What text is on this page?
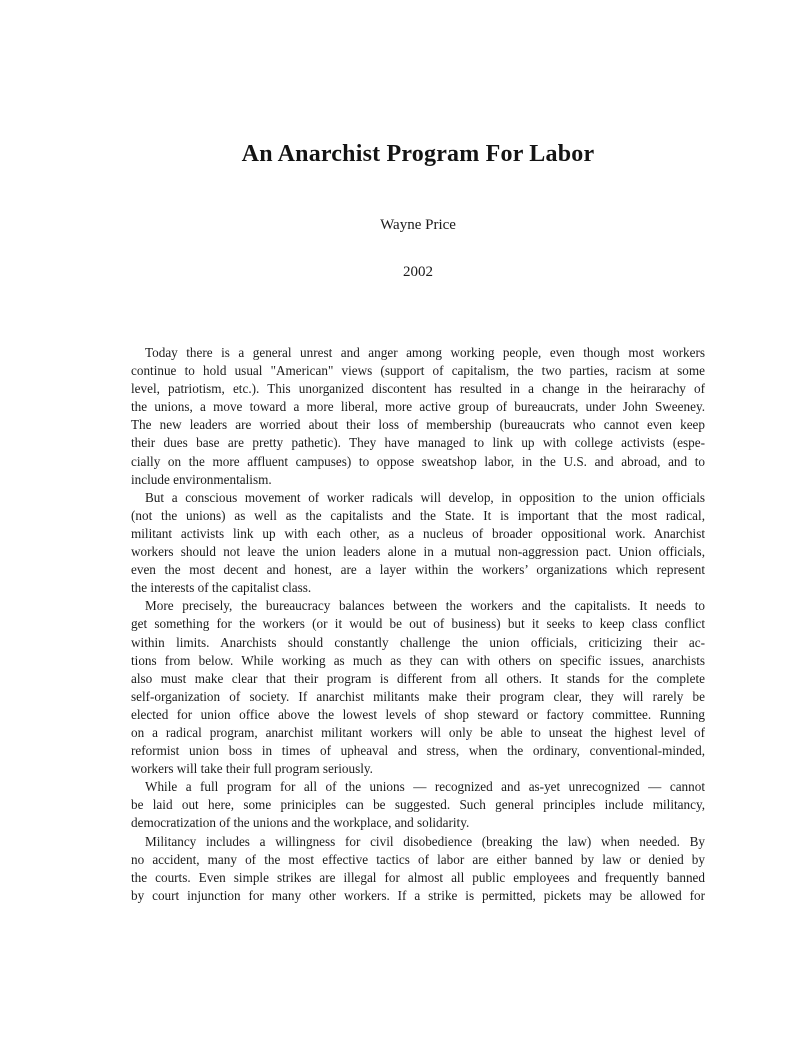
An Anarchist Program For Labor
Wayne Price
2002
Today there is a general unrest and anger among working people, even though most workers
continue to hold usual "American" views (support of capitalism, the two parties, racism at some
level, patriotism, etc.). This unorganized discontent has resulted in a change in the heirarachy of
the unions, a move toward a more liberal, more active group of bureaucrats, under John Sweeney.
The new leaders are worried about their loss of membership (bureaucrats who cannot even keep
their dues base are pretty pathetic). They have managed to link up with college activists (espe-
cially on the more affluent campuses) to oppose sweatshop labor, in the U.S. and abroad, and to
include environmentalism.
But a conscious movement of worker radicals will develop, in opposition to the union officials
(not the unions) as well as the capitalists and the State. It is important that the most radical,
militant activists link up with each other, as a nucleus of broader oppositional work. Anarchist
workers should not leave the union leaders alone in a mutual non-aggression pact. Union officials,
even the most decent and honest, are a layer within the workers’ organizations which represent
the interests of the capitalist class.
More precisely, the bureaucracy balances between the workers and the capitalists. It needs to
get something for the workers (or it would be out of business) but it seeks to keep class conflict
within limits. Anarchists should constantly challenge the union officials, criticizing their ac-
tions from below. While working as much as they can with others on specific issues, anarchists
also must make clear that their program is different from all others. It stands for the complete
self-organization of society. If anarchist militants make their program clear, they will rarely be
elected for union office above the lowest levels of shop steward or factory committee. Running
on a radical program, anarchist militant workers will only be able to unseat the highest level of
reformist union boss in times of upheaval and stress, when the ordinary, conventional-minded,
workers will take their full program seriously.
While a full program for all of the unions — recognized and as-yet unrecognized — cannot
be laid out here, some priniciples can be suggested. Such general principles include militancy,
democratization of the unions and the workplace, and solidarity.
Militancy includes a willingness for civil disobedience (breaking the law) when needed. By
no accident, many of the most effective tactics of labor are either banned by law or denied by
the courts. Even simple strikes are illegal for almost all public employees and frequently banned
by court injunction for many other workers. If a strike is permitted, pickets may be allowed for
